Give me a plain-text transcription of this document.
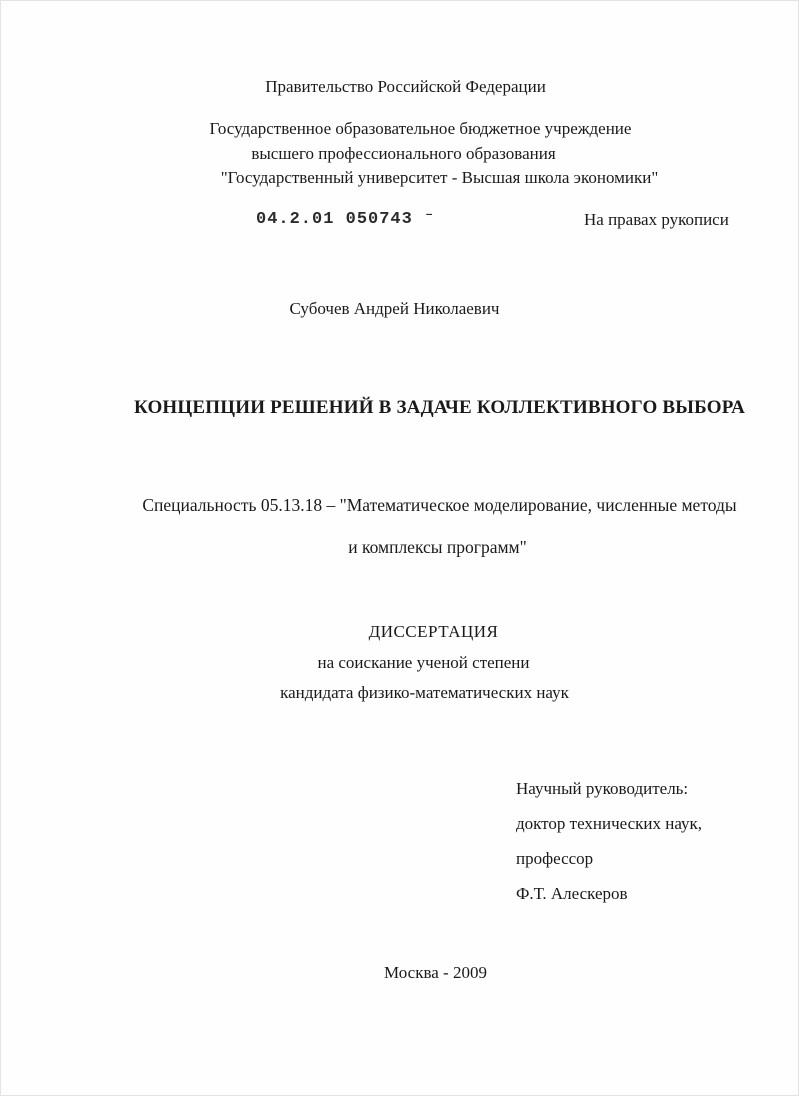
Правительство Российской Федерации
Государственное образовательное бюджетное учреждение
высшего профессионального образования
"Государственный университет - Высшая школа экономики"
04.2.01 050743 ⁻	На правах рукописи
Субочев Андрей Николаевич
КОНЦЕПЦИИ РЕШЕНИЙ В ЗАДАЧЕ КОЛЛЕКТИВНОГО ВЫБОРА
Специальность 05.13.18 – "Математическое моделирование, численные методы
и комплексы программ"
ДИССЕРТАЦИЯ
на соискание ученой степени
кандидата физико-математических наук
Научный руководитель:
доктор технических наук,
профессор
Ф.Т. Алескеров
Москва - 2009
